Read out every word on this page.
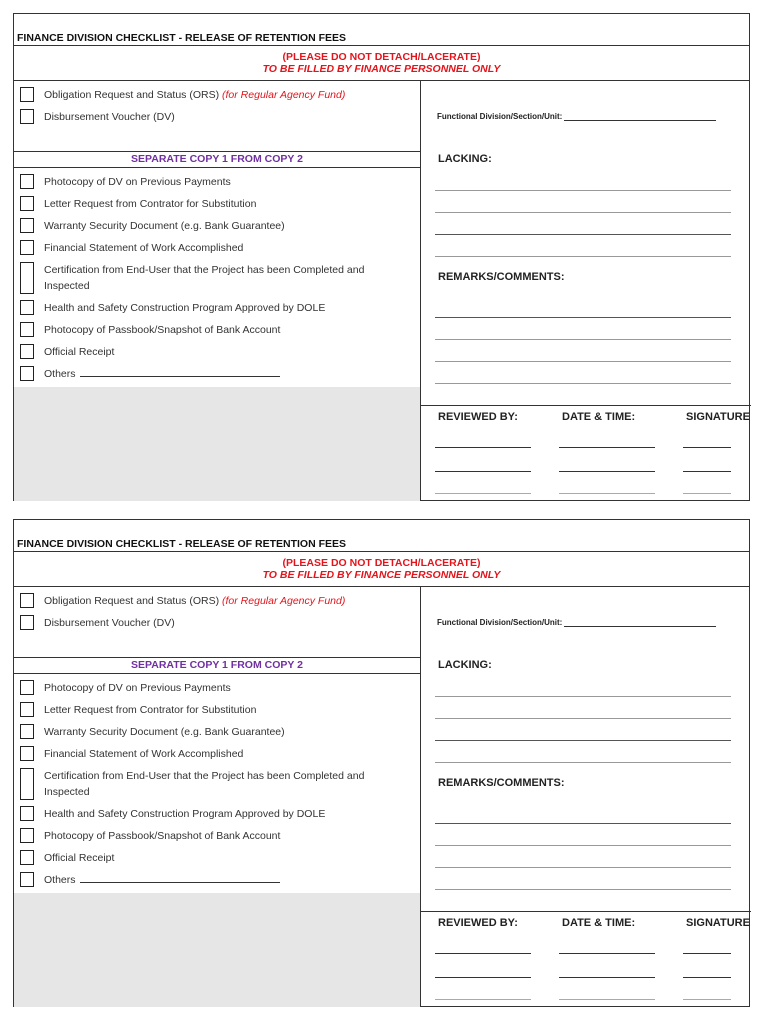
FINANCE DIVISION CHECKLIST - RELEASE OF RETENTION FEES
(PLEASE DO NOT DETACH/LACERATE)
TO BE FILLED BY FINANCE PERSONNEL ONLY
Obligation Request and Status (ORS) (for Regular Agency Fund)
Disbursement Voucher (DV)
SEPARATE COPY 1 FROM COPY 2
Photocopy of DV on Previous Payments
Letter Request from Contrator for Substitution
Warranty Security Document (e.g. Bank Guarantee)
Financial Statement of Work Accomplished
Certification from End-User that the Project has been Completed and Inspected
Health and Safety Construction Program Approved by DOLE
Photocopy of Passbook/Snapshot of Bank Account
Official Receipt
Others
Functional Division/Section/Unit:
LACKING:
REMARKS/COMMENTS:
REVIEWED BY:	DATE & TIME:	SIGNATURE
FINANCE DIVISION CHECKLIST - RELEASE OF RETENTION FEES
(PLEASE DO NOT DETACH/LACERATE)
TO BE FILLED BY FINANCE PERSONNEL ONLY
Obligation Request and Status (ORS) (for Regular Agency Fund)
Disbursement Voucher (DV)
SEPARATE COPY 1 FROM COPY 2
Photocopy of DV on Previous Payments
Letter Request from Contrator for Substitution
Warranty Security Document (e.g. Bank Guarantee)
Financial Statement of Work Accomplished
Certification from End-User that the Project has been Completed and Inspected
Health and Safety Construction Program Approved by DOLE
Photocopy of Passbook/Snapshot of Bank Account
Official Receipt
Others
Functional Division/Section/Unit:
LACKING:
REMARKS/COMMENTS:
REVIEWED BY:	DATE & TIME:	SIGNATURE
